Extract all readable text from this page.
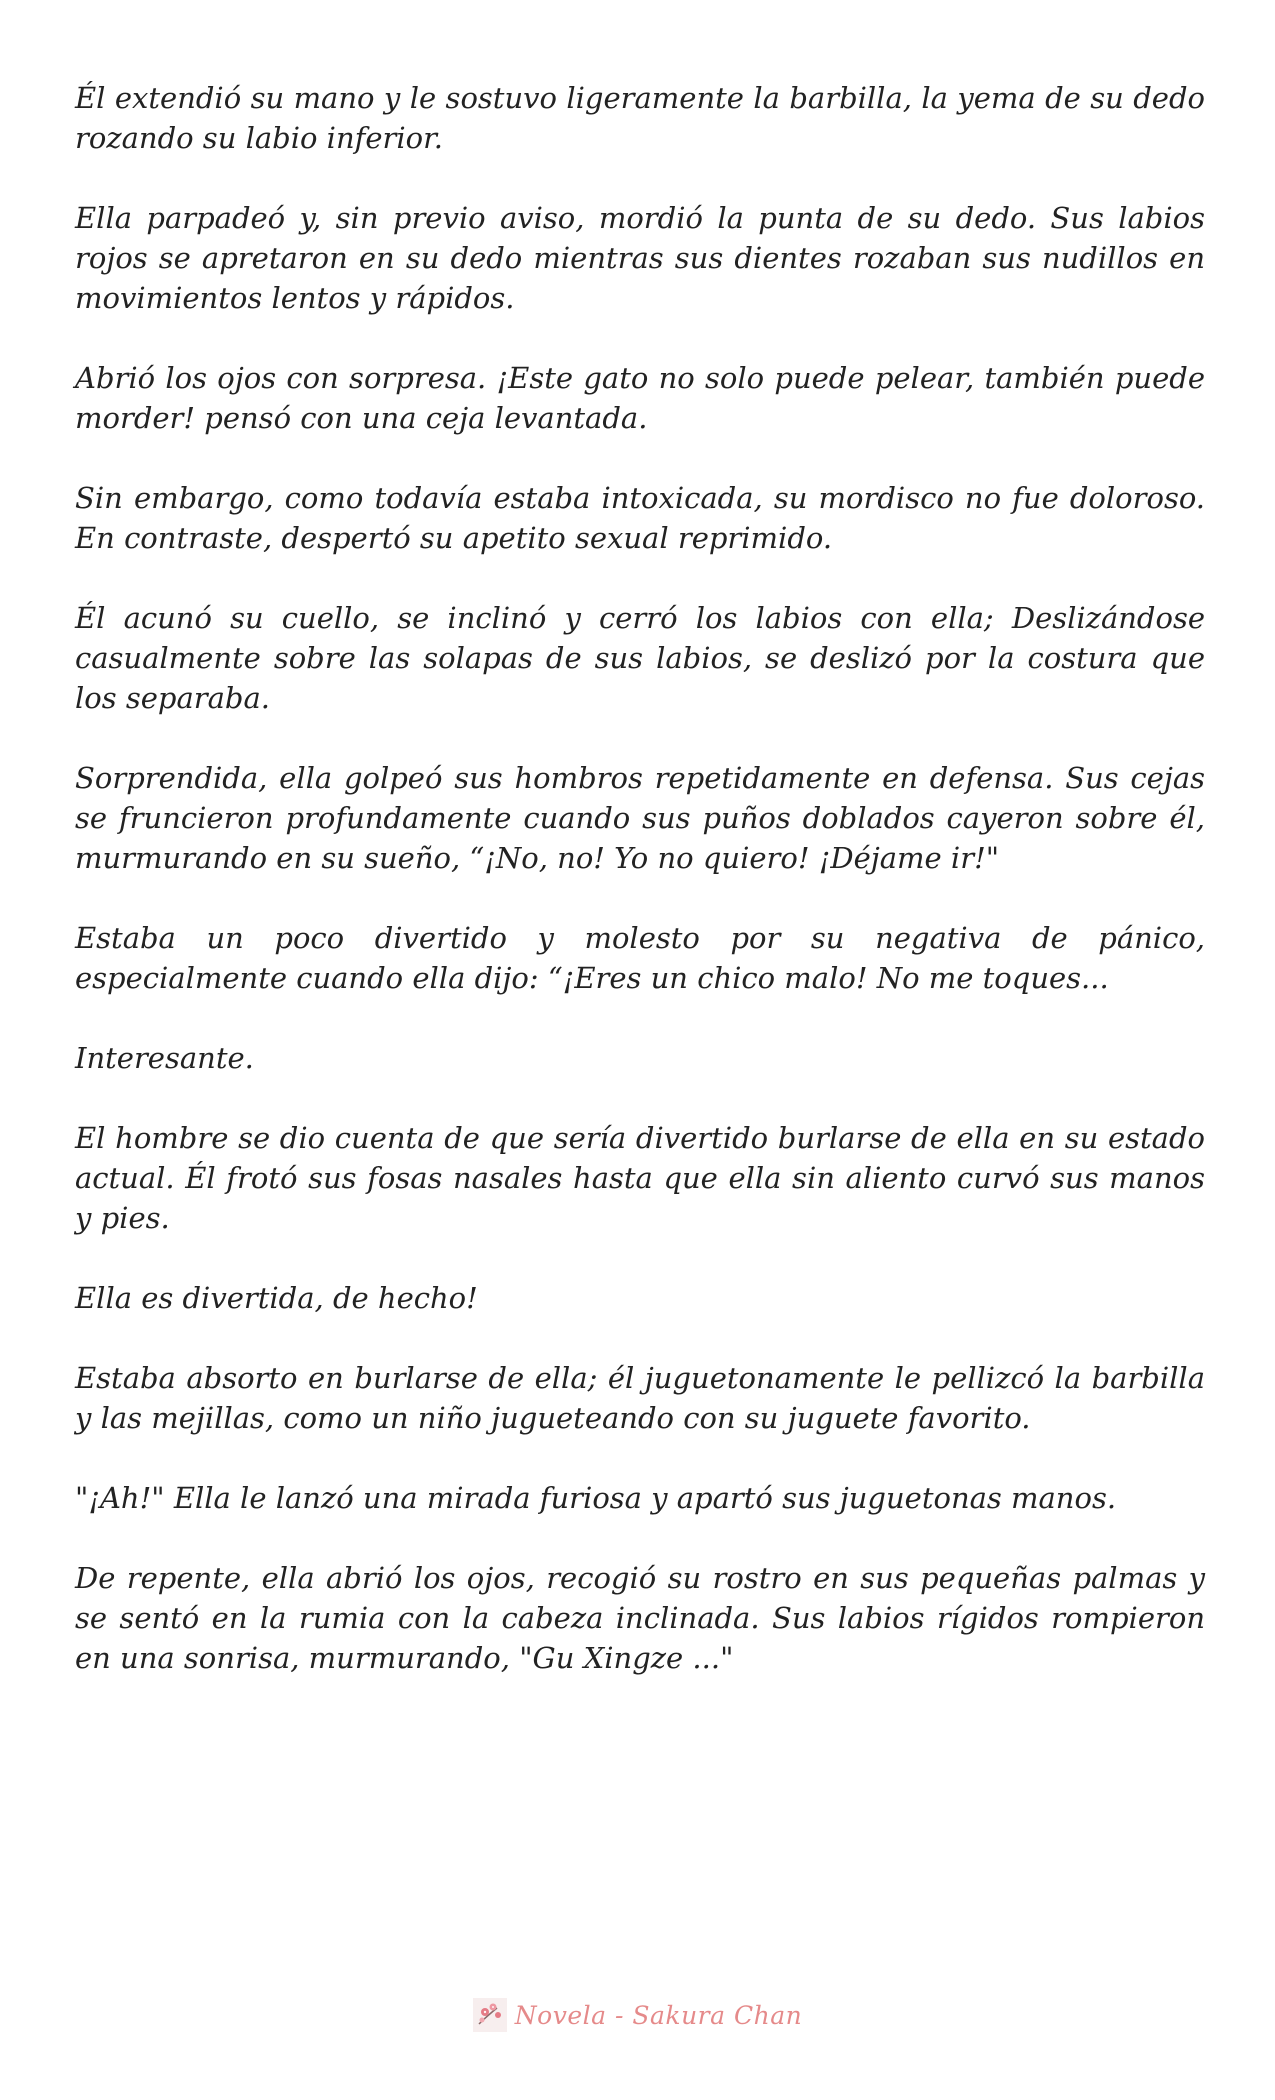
Él extendió su mano y le sostuvo ligeramente la barbilla, la yema de su dedo rozando su labio inferior.

Ella parpadeó y, sin previo aviso, mordió la punta de su dedo. Sus labios rojos se apretaron en su dedo mientras sus dientes rozaban sus nudillos en movimientos lentos y rápidos.

Abrió los ojos con sorpresa. ¡Este gato no solo puede pelear, también puede morder! pensó con una ceja levantada.

Sin embargo, como todavía estaba intoxicada, su mordisco no fue doloroso. En contraste, despertó su apetito sexual reprimido.

Él acunó su cuello, se inclinó y cerró los labios con ella; Deslizándose casualmente sobre las solapas de sus labios, se deslizó por la costura que los separaba.

Sorprendida, ella golpeó sus hombros repetidamente en defensa. Sus cejas se fruncieron profundamente cuando sus puños doblados cayeron sobre él, murmurando en su sueño, “¡No, no! Yo no quiero! ¡Déjame ir!"

Estaba un poco divertido y molesto por su negativa de pánico, especialmente cuando ella dijo: “¡Eres un chico malo! No me toques...

Interesante.

El hombre se dio cuenta de que sería divertido burlarse de ella en su estado actual. Él frotó sus fosas nasales hasta que ella sin aliento curvó sus manos y pies.

Ella es divertida, de hecho!

Estaba absorto en burlarse de ella; él juguetonamente le pellizcó la barbilla y las mejillas, como un niño jugueteando con su juguete favorito.

"¡Ah!" Ella le lanzó una mirada furiosa y apartó sus juguetonas manos.

De repente, ella abrió los ojos, recogió su rostro en sus pequeñas palmas y se sentó en la rumia con la cabeza inclinada. Sus labios rígidos rompieron en una sonrisa, murmurando, "Gu Xingze ..."

Novela - Sakura Chan
